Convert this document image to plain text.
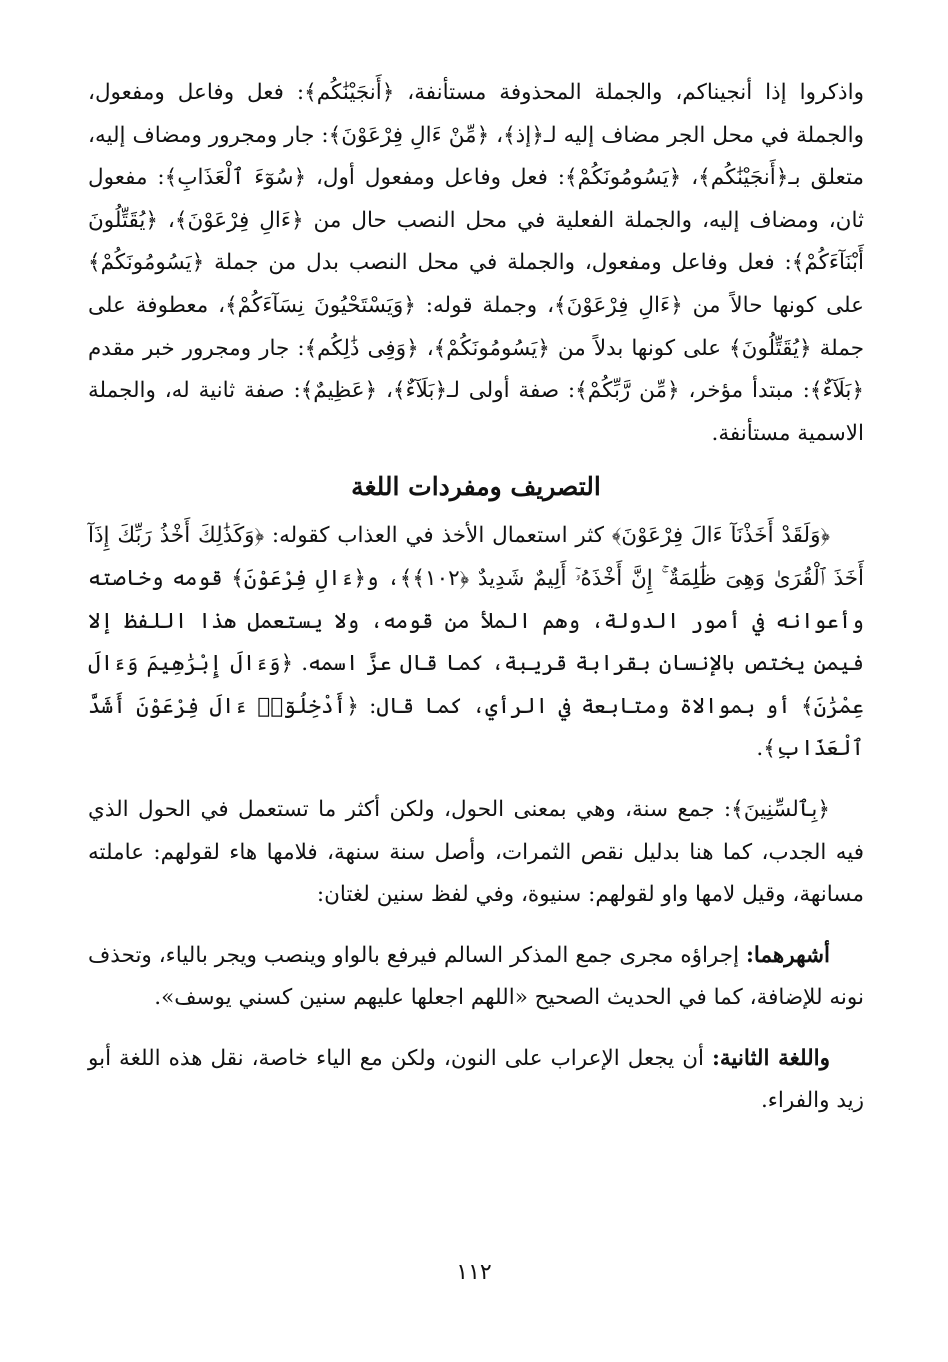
واذكروا إذا أنجيناكم، والجملة المحذوفة مستأنفة، ﴿أَنجَيْنَٰكُم﴾: فعل وفاعل ومفعول، والجملة في محل الجر مضاف إليه لـ﴿إذ﴾، ﴿مِّنْ ءَالِ فِرْعَوْنَ﴾: جار ومجرور ومضاف إليه، متعلق بـ﴿أَنجَيْنَٰكُم﴾، ﴿يَسُومُونَكُمْ﴾: فعل وفاعل ومفعول أول، ﴿سُوٓءَ ٱلْعَذَابِ﴾: مفعول ثان، ومضاف إليه، والجملة الفعلية في محل النصب حال من ﴿ءَالِ فِرْعَوْنَ﴾، ﴿يُقَتِّلُونَ أَبْنَآءَكُمْ﴾: فعل وفاعل ومفعول، والجملة في محل النصب بدل من جملة ﴿يَسُومُونَكُمْ﴾ على كونها حالاً من ﴿ءَالِ فِرْعَوْنَ﴾، وجملة قوله: ﴿وَيَسْتَحْيُونَ نِسَآءَكُمْ﴾، معطوفة على جملة ﴿يُقَتِّلُونَ﴾ على كونها بدلاً من ﴿يَسُومُونَكُمْ﴾، ﴿وَفِى ذَٰلِكُم﴾: جار ومجرور خبر مقدم ﴿بَلَآءٌ﴾: مبتدأ مؤخر، ﴿مِّن رَّبِّكُمْ﴾: صفة أولى لـ﴿بَلَآءٌ﴾، ﴿عَظِيمٌ﴾: صفة ثانية له، والجملة الاسمية مستأنفة.

التصريف ومفردات اللغة

﴿وَلَقَدْ أَخَذْنَآ ءَالَ فِرْعَوْنَ﴾ كثر استعمال الأخذ في العذاب كقوله: ﴿وَكَذَٰلِكَ أَخْذُ رَبِّكَ إِذَآ أَخَذَ ٱلْقُرَىٰ وَهِىَ ظَٰلِمَةٌ ۚ إِنَّ أَخْذَهُۥٓ أَلِيمٌ شَدِيدٌ ﴿١٠٢﴾﴾، و﴿ءَالِ فِرْعَوْنَ﴾ قومه وخاصته وأعوانه في أمور الدولة، وهم الملأ من قومه، ولا يستعمل هذا اللفظ إلا فيمن يختص بالإنسان بقرابة قريبة، كما قال عزَّ اسمه. ﴿وَءَالَ إِبْرَٰهِيمَ وَءَالَ عِمْرَٰنَ﴾ أو بموالاة ومتابعة في الرأي، كما قال: ﴿أَدْخِلُوٓا۟ ءَالَ فِرْعَوْنَ أَشَدَّ ٱلْعَذَابِ﴾.

﴿بِٱلسِّنِينَ﴾: جمع سنة، وهي بمعنى الحول، ولكن أكثر ما تستعمل في الحول الذي فيه الجدب، كما هنا بدليل نقص الثمرات، وأصل سنة سنهة، فلامها هاء لقولهم: عاملته مسانهة، وقيل لامها واو لقولهم: سنيوة، وفي لفظ سنين لغتان:

أشهرهما: إجراؤه مجرى جمع المذكر السالم فيرفع بالواو وينصب ويجر بالياء، وتحذف نونه للإضافة، كما في الحديث الصحيح «اللهم اجعلها عليهم سنين كسني يوسف».

واللغة الثانية: أن يجعل الإعراب على النون، ولكن مع الياء خاصة، نقل هذه اللغة أبو زيد والفراء.

١١٢
